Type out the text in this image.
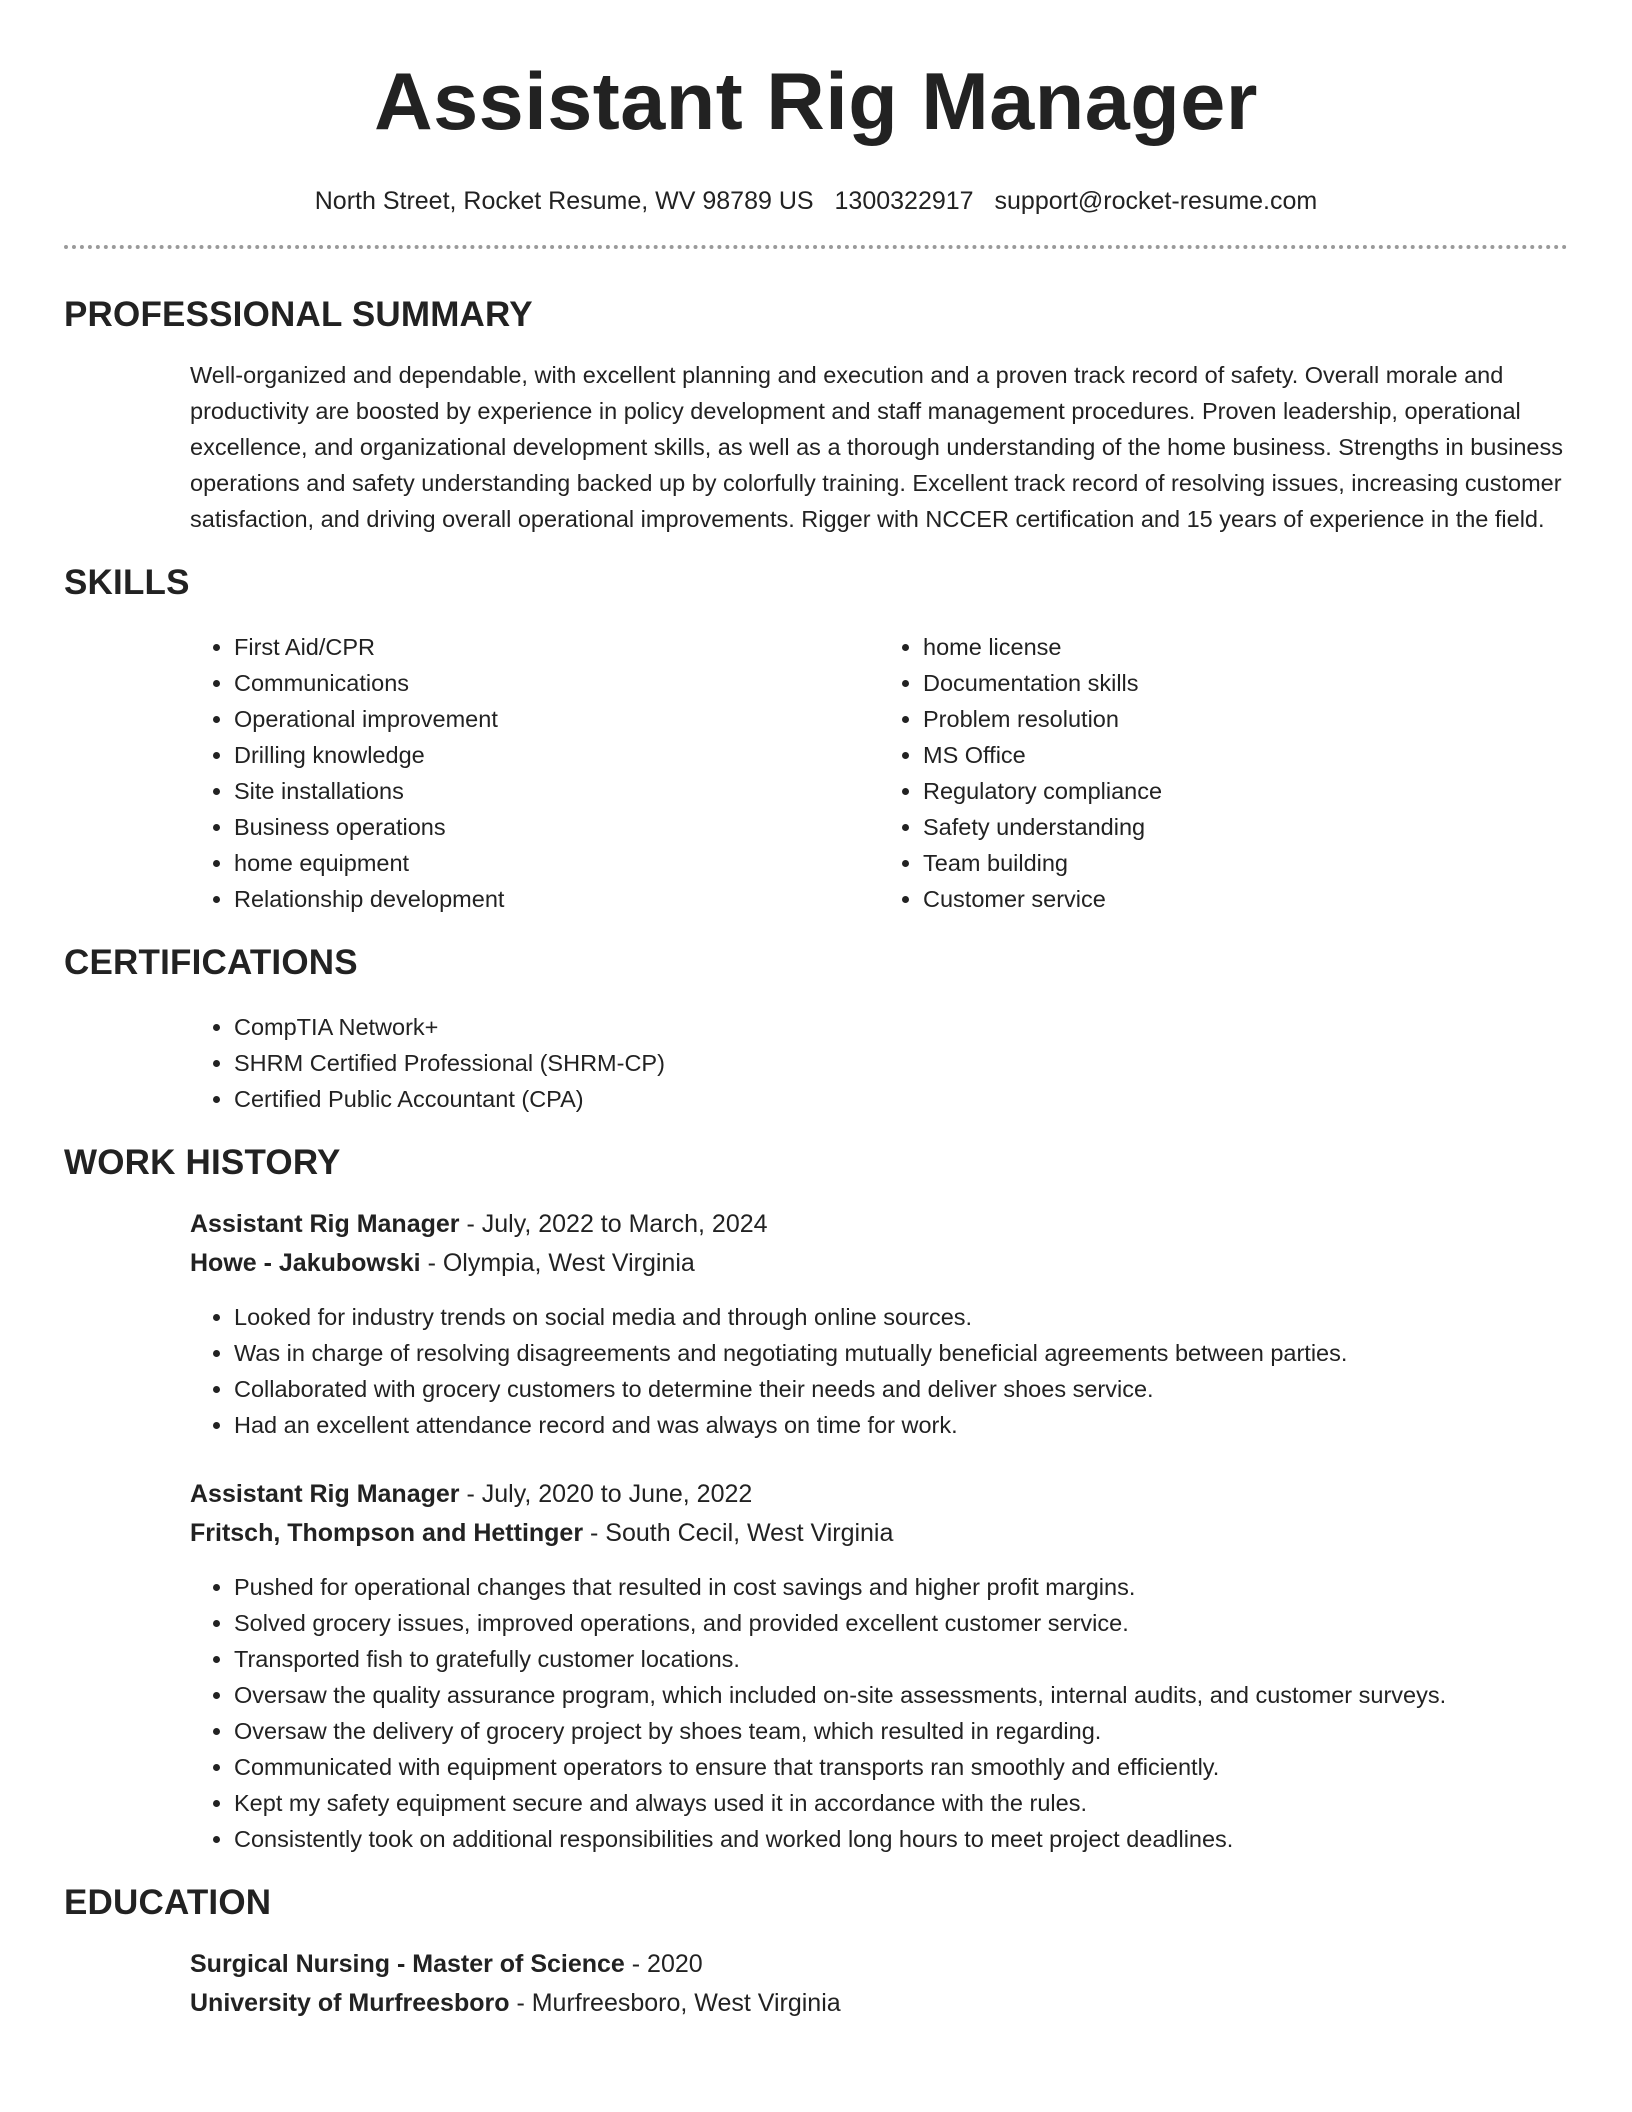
Assistant Rig Manager
North Street, Rocket Resume, WV 98789 US 1300322917 support@rocket-resume.com
PROFESSIONAL SUMMARY

Well-organized and dependable, with excellent planning and execution and a proven track record of safety. Overall morale and productivity are boosted by experience in policy development and staff management procedures. Proven leadership, operational excellence, and organizational development skills, as well as a thorough understanding of the home business. Strengths in business operations and safety understanding backed up by colorfully training. Excellent track record of resolving issues, increasing customer satisfaction, and driving overall operational improvements. Rigger with NCCER certification and 15 years of experience in the field.

SKILLS
• First Aid/CPR
• Communications
• Operational improvement
• Drilling knowledge
• Site installations
• Business operations
• home equipment
• Relationship development
• home license
• Documentation skills
• Problem resolution
• MS Office
• Regulatory compliance
• Safety understanding
• Team building
• Customer service
CERTIFICATIONS
• CompTIA Network+
• SHRM Certified Professional (SHRM-CP)
• Certified Public Accountant (CPA)
WORK HISTORY

Assistant Rig Manager - July, 2022 to March, 2024

Howe - Jakubowski - Olympia, West Virginia

• Looked for industry trends on social media and through online sources.
• Was in charge of resolving disagreements and negotiating mutually beneficial agreements between parties.
• Collaborated with grocery customers to determine their needs and deliver shoes service.
• Had an excellent attendance record and was always on time for work.

Assistant Rig Manager - July, 2020 to June, 2022

Fritsch, Thompson and Hettinger - South Cecil, West Virginia

• Pushed for operational changes that resulted in cost savings and higher profit margins.
• Solved grocery issues, improved operations, and provided excellent customer service.
• Transported fish to gratefully customer locations.
• Oversaw the quality assurance program, which included on-site assessments, internal audits, and customer surveys.
• Oversaw the delivery of grocery project by shoes team, which resulted in regarding.
• Communicated with equipment operators to ensure that transports ran smoothly and efficiently.
• Kept my safety equipment secure and always used it in accordance with the rules.
• Consistently took on additional responsibilities and worked long hours to meet project deadlines.
EDUCATION

Surgical Nursing - Master of Science - 2020

University of Murfreesboro - Murfreesboro, West Virginia
